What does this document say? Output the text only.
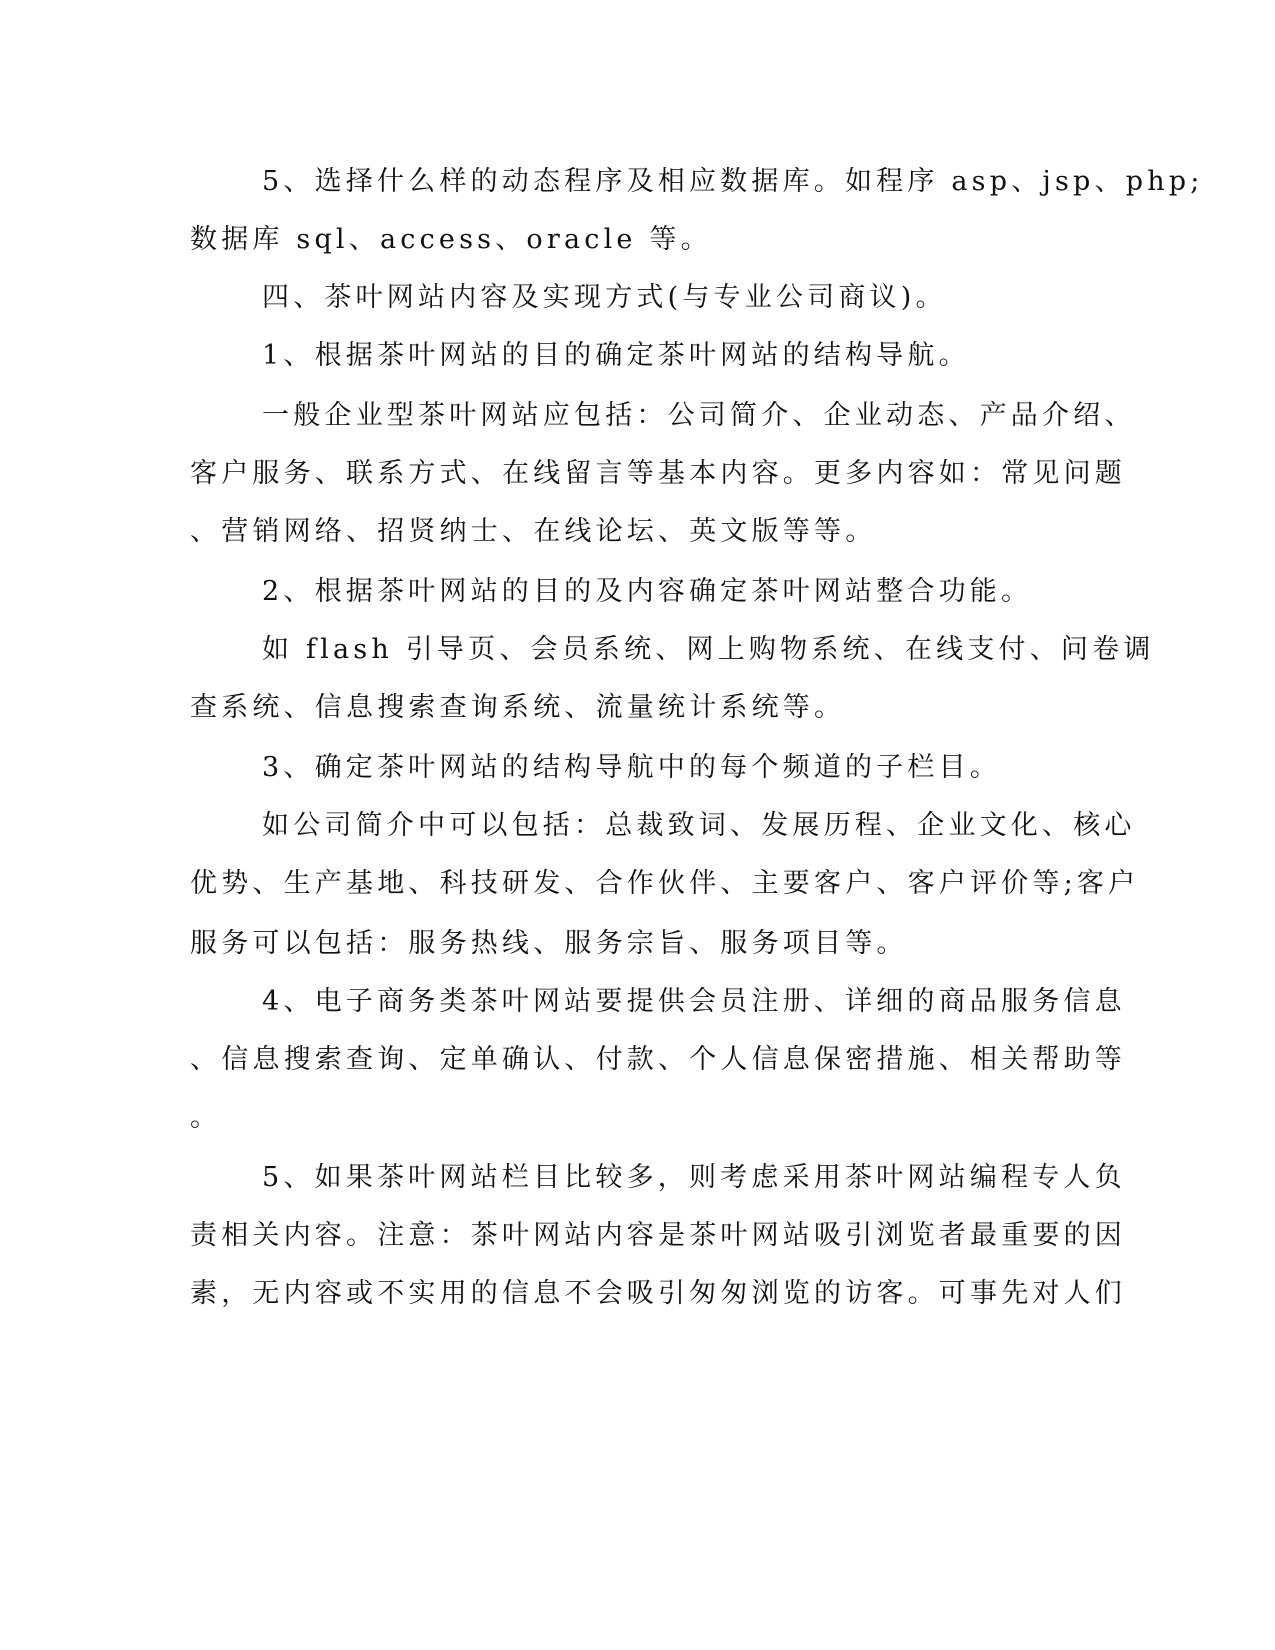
5、选择什么样的动态程序及相应数据库。如程序 asp、jsp、php;
数据库 sql、access、oracle 等。
四、茶叶网站内容及实现方式(与专业公司商议)。
1、根据茶叶网站的目的确定茶叶网站的结构导航。
一般企业型茶叶网站应包括：公司简介、企业动态、产品介绍、
客户服务、联系方式、在线留言等基本内容。更多内容如：常见问题
、营销网络、招贤纳士、在线论坛、英文版等等。
2、根据茶叶网站的目的及内容确定茶叶网站整合功能。
如 flash 引导页、会员系统、网上购物系统、在线支付、问卷调
查系统、信息搜索查询系统、流量统计系统等。
3、确定茶叶网站的结构导航中的每个频道的子栏目。
如公司简介中可以包括：总裁致词、发展历程、企业文化、核心
优势、生产基地、科技研发、合作伙伴、主要客户、客户评价等;客户
服务可以包括：服务热线、服务宗旨、服务项目等。
4、电子商务类茶叶网站要提供会员注册、详细的商品服务信息
、信息搜索查询、定单确认、付款、个人信息保密措施、相关帮助等
。
5、如果茶叶网站栏目比较多，则考虑采用茶叶网站编程专人负
责相关内容。注意：茶叶网站内容是茶叶网站吸引浏览者最重要的因
素，无内容或不实用的信息不会吸引匆匆浏览的访客。可事先对人们
